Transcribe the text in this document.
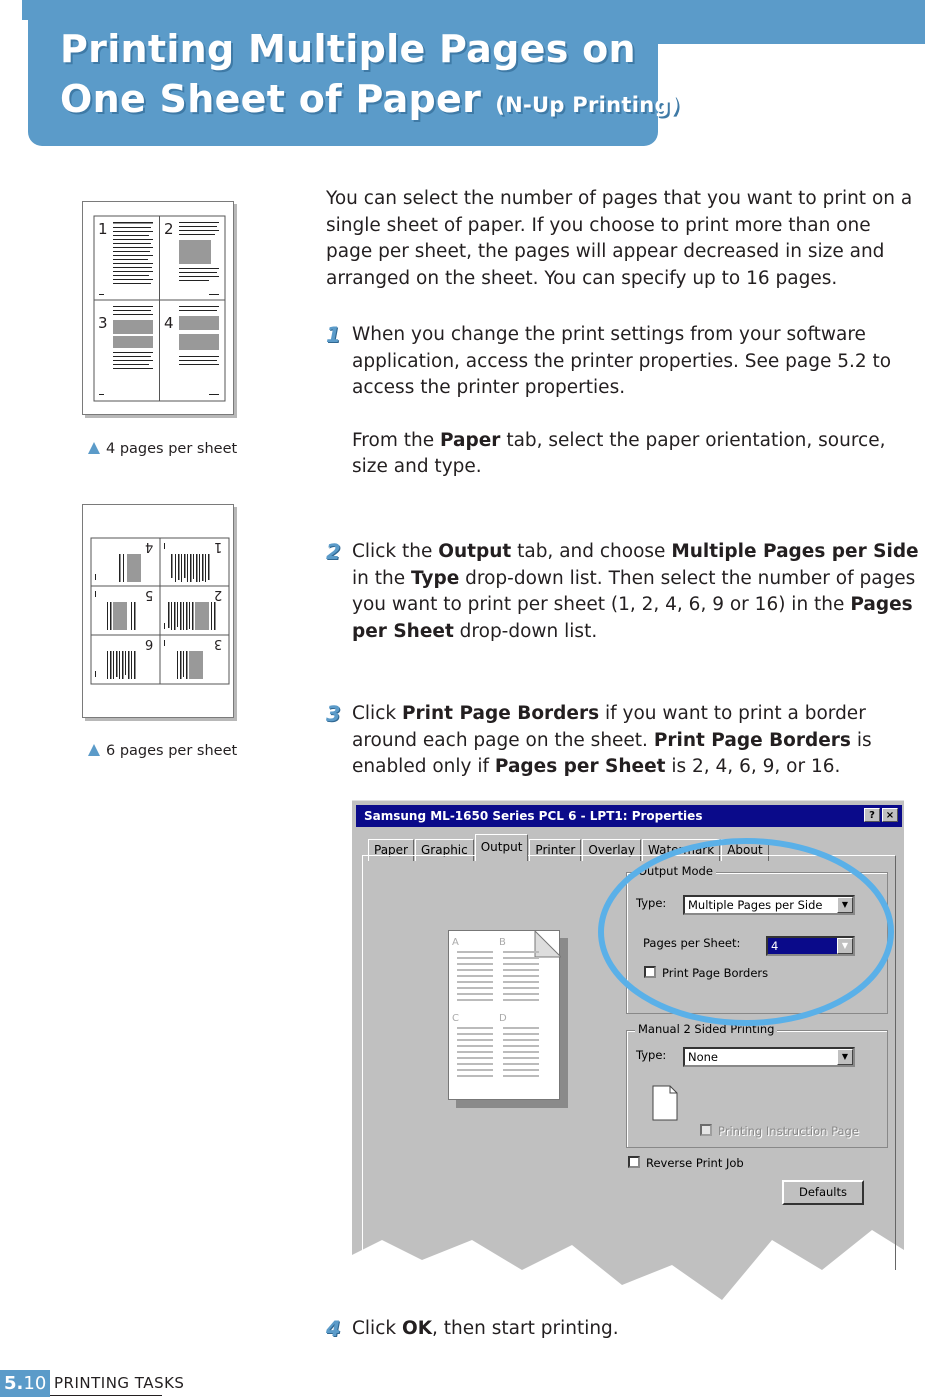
Printing Multiple Pages on
One Sheet of Paper (N-Up Printing)
1	2
3	4
4 pages per sheet
4	1
5	2
6	3
6 pages per sheet
You can select the number of pages that you want to print on a single sheet of paper. If you choose to print more than one page per sheet, the pages will appear decreased in size and arranged on the sheet. You can specify up to 16 pages.
1 When you change the print settings from your software application, access the printer properties. See page 5.2 to access the printer properties.

From the Paper tab, select the paper orientation, source, size and type.

2 Click the Output tab, and choose Multiple Pages per Side in the Type drop-down list. Then select the number of pages you want to print per sheet (1, 2, 4, 6, 9 or 16) in the Pages per Sheet drop-down list.
3 Click Print Page Borders if you want to print a border around each page on the sheet. Print Page Borders is enabled only if Pages per Sheet is 2, 4, 6, 9, or 16.
Samsung ML-1650 Series PCL 6 - LPT1: Properties	?	×
Paper	Graphic	Output	Printer	Overlay	Watermark	About
A	B
C	D
Output Mode
Type:	Multiple Pages per Side	▼
Pages per Sheet:	4	▼
Print Page Borders
Manual 2 Sided Printing
Type:	None	▼
Printing Instruction Page
Reverse Print Job
Defaults
4 Click OK, then start printing.
5.10 PRINTING TASKS
